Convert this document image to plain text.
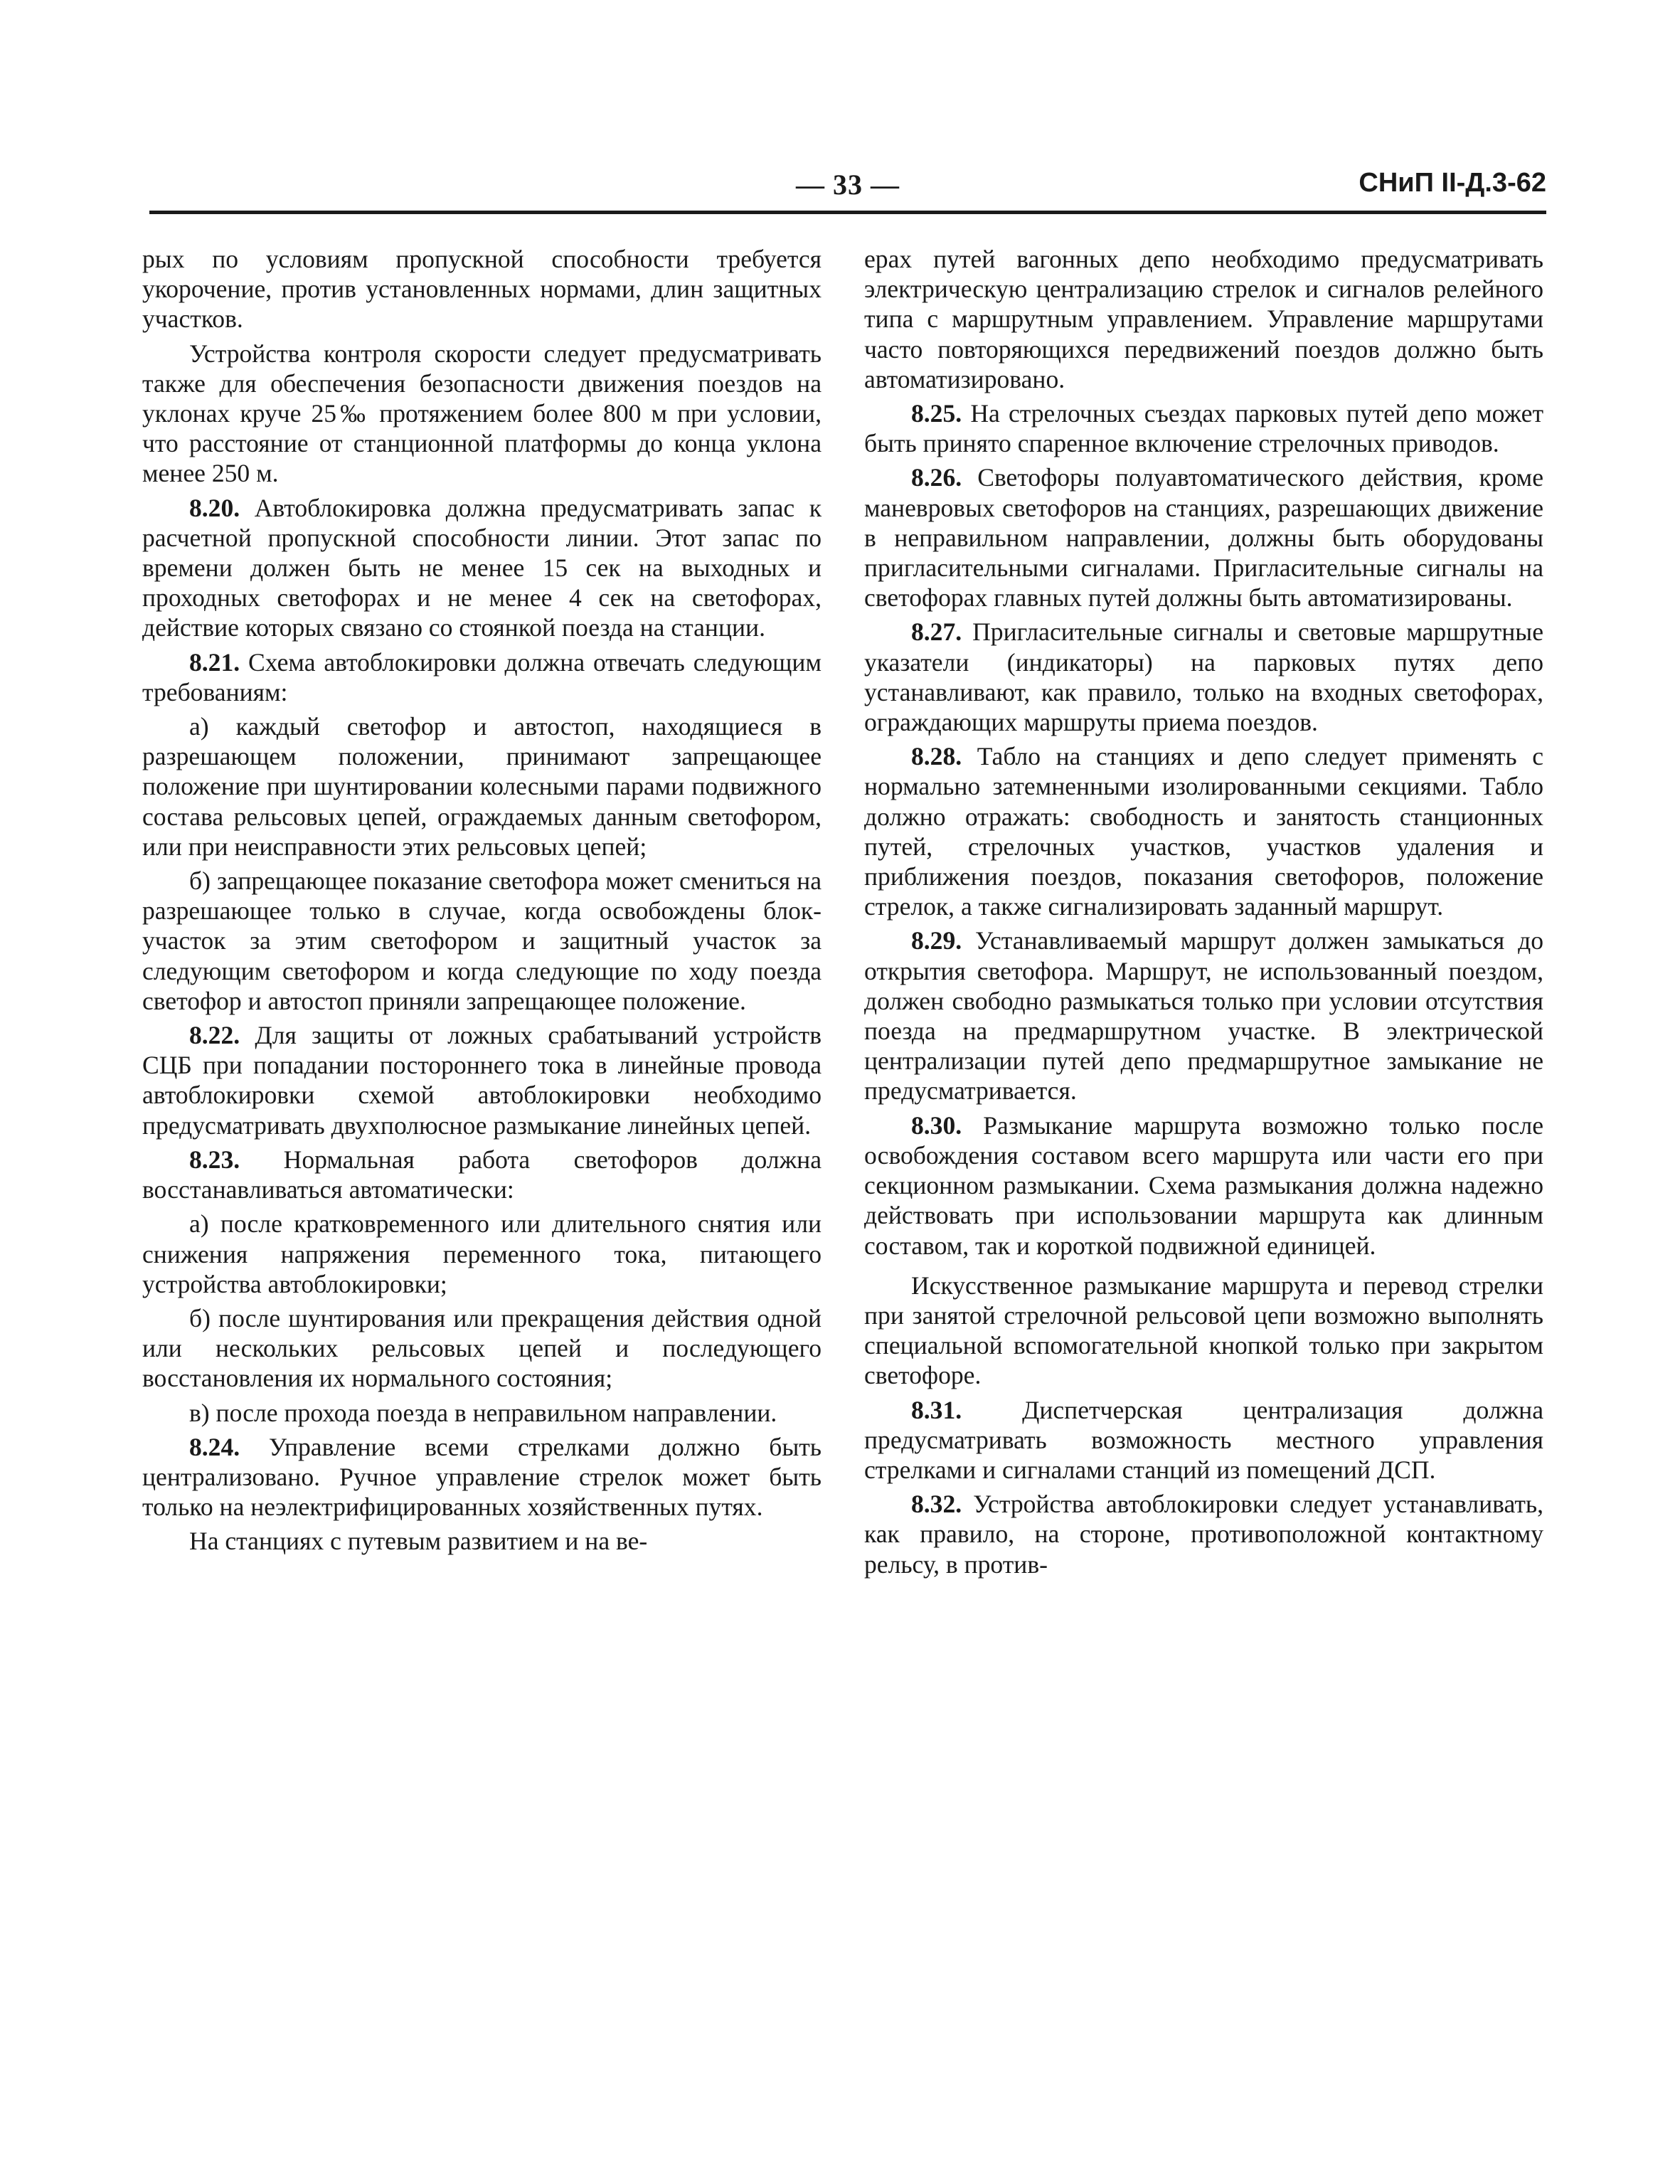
— 33 —	СНиП II-Д.3-62

рых по условиям пропускной способности требуется укорочение, против установленных нормами, длин защитных участков.

Устройства контроля скорости следует предусматривать также для обеспечения безопасности движения поездов на уклонах круче 25‰ протяжением более 800 м при условии, что расстояние от станционной платформы до конца уклона менее 250 м.

8.20. Автоблокировка должна предусматривать запас к расчетной пропускной способности линии. Этот запас по времени должен быть не менее 15 сек на выходных и проходных светофорах и не менее 4 сек на светофорах, действие которых связано со стоянкой поезда на станции.

8.21. Схема автоблокировки должна отвечать следующим требованиям:

а) каждый светофор и автостоп, находящиеся в разрешающем положении, принимают запрещающее положение при шунтировании колесными парами подвижного состава рельсовых цепей, ограждаемых данным светофором, или при неисправности этих рельсовых цепей;

б) запрещающее показание светофора может смениться на разрешающее только в случае, когда освобождены блок-участок за этим светофором и защитный участок за следующим светофором и когда следующие по ходу поезда светофор и автостоп приняли запрещающее положение.

8.22. Для защиты от ложных срабатываний устройств СЦБ при попадании постороннего тока в линейные провода автоблокировки схемой автоблокировки необходимо предусматривать двухполюсное размыкание линейных цепей.

8.23. Нормальная работа светофоров должна восстанавливаться автоматически:

а) после кратковременного или длительного снятия или снижения напряжения переменного тока, питающего устройства автоблокировки;

б) после шунтирования или прекращения действия одной или нескольких рельсовых цепей и последующего восстановления их нормального состояния;

в) после прохода поезда в неправильном направлении.

8.24. Управление всеми стрелками должно быть централизовано. Ручное управление стрелок может быть только на неэлектрифицированных хозяйственных путях.

На станциях с путевым развитием и на ве-

ерах путей вагонных депо необходимо предусматривать электрическую централизацию стрелок и сигналов релейного типа с маршрутным управлением. Управление маршрутами часто повторяющихся передвижений поездов должно быть автоматизировано.

8.25. На стрелочных съездах парковых путей депо может быть принято спаренное включение стрелочных приводов.

8.26. Светофоры полуавтоматического действия, кроме маневровых светофоров на станциях, разрешающих движение в неправильном направлении, должны быть оборудованы пригласительными сигналами. Пригласительные сигналы на светофорах главных путей должны быть автоматизированы.

8.27. Пригласительные сигналы и световые маршрутные указатели (индикаторы) на парковых путях депо устанавливают, как правило, только на входных светофорах, ограждающих маршруты приема поездов.

8.28. Табло на станциях и депо следует применять с нормально затемненными изолированными секциями. Табло должно отражать: свободность и занятость станционных путей, стрелочных участков, участков удаления и приближения поездов, показания светофоров, положение стрелок, а также сигнализировать заданный маршрут.

8.29. Устанавливаемый маршрут должен замыкаться до открытия светофора. Маршрут, не использованный поездом, должен свободно размыкаться только при условии отсутствия поезда на предмаршрутном участке. В электрической централизации путей депо предмаршрутное замыкание не предусматривается.

8.30. Размыкание маршрута возможно только после освобождения составом всего маршрута или части его при секционном размыкании. Схема размыкания должна надежно действовать при использовании маршрута как длинным составом, так и короткой подвижной единицей.

Искусственное размыкание маршрута и перевод стрелки при занятой стрелочной рельсовой цепи возможно выполнять специальной вспомогательной кнопкой только при закрытом светофоре.

8.31. Диспетчерская централизация должна предусматривать возможность местного управления стрелками и сигналами станций из помещений ДСП.

8.32. Устройства автоблокировки следует устанавливать, как правило, на стороне, противоположной контактному рельсу, в против-
